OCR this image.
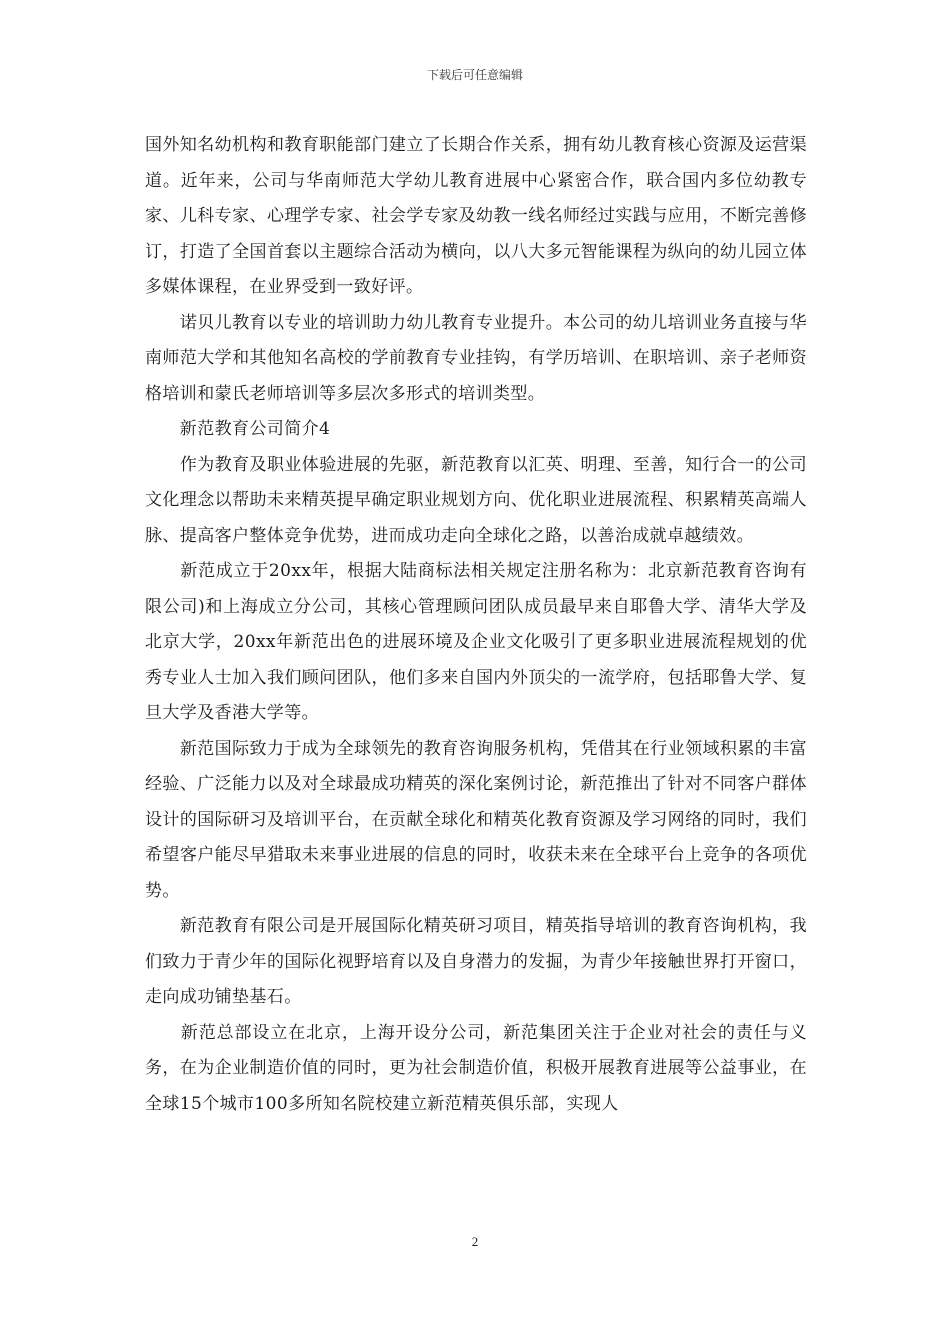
下载后可任意编辑

国外知名幼机构和教育职能部门建立了长期合作关系，拥有幼儿教育核心资源及运营渠道。近年来，公司与华南师范大学幼儿教育进展中心紧密合作，联合国内多位幼教专家、儿科专家、心理学专家、社会学专家及幼教一线名师经过实践与应用，不断完善修订，打造了全国首套以主题综合活动为横向，以八大多元智能课程为纵向的幼儿园立体多媒体课程，在业界受到一致好评。

　　诺贝儿教育以专业的培训助力幼儿教育专业提升。本公司的幼儿培训业务直接与华南师范大学和其他知名高校的学前教育专业挂钩，有学历培训、在职培训、亲子老师资格培训和蒙氏老师培训等多层次多形式的培训类型。

　　新范教育公司简介4

　　作为教育及职业体验进展的先驱，新范教育以汇英、明理、至善，知行合一的公司文化理念以帮助未来精英提早确定职业规划方向、优化职业进展流程、积累精英高端人脉、提高客户整体竞争优势，进而成功走向全球化之路，以善治成就卓越绩效。

　　新范成立于20xx年，根据大陆商标法相关规定注册名称为：北京新范教育咨询有限公司)和上海成立分公司，其核心管理顾问团队成员最早来自耶鲁大学、清华大学及北京大学，20xx年新范出色的进展环境及企业文化吸引了更多职业进展流程规划的优秀专业人士加入我们顾问团队，他们多来自国内外顶尖的一流学府，包括耶鲁大学、复旦大学及香港大学等。

　　新范国际致力于成为全球领先的教育咨询服务机构，凭借其在行业领域积累的丰富经验、广泛能力以及对全球最成功精英的深化案例讨论，新范推出了针对不同客户群体设计的国际研习及培训平台，在贡献全球化和精英化教育资源及学习网络的同时，我们希望客户能尽早猎取未来事业进展的信息的同时，收获未来在全球平台上竞争的各项优势。

　　新范教育有限公司是开展国际化精英研习项目，精英指导培训的教育咨询机构，我们致力于青少年的国际化视野培育以及自身潜力的发掘，为青少年接触世界打开窗口，走向成功铺垫基石。

　　新范总部设立在北京，上海开设分公司，新范集团关注于企业对社会的责任与义务，在为企业制造价值的同时，更为社会制造价值，积极开展教育进展等公益事业，在全球15个城市100多所知名院校建立新范精英俱乐部，实现人

2
